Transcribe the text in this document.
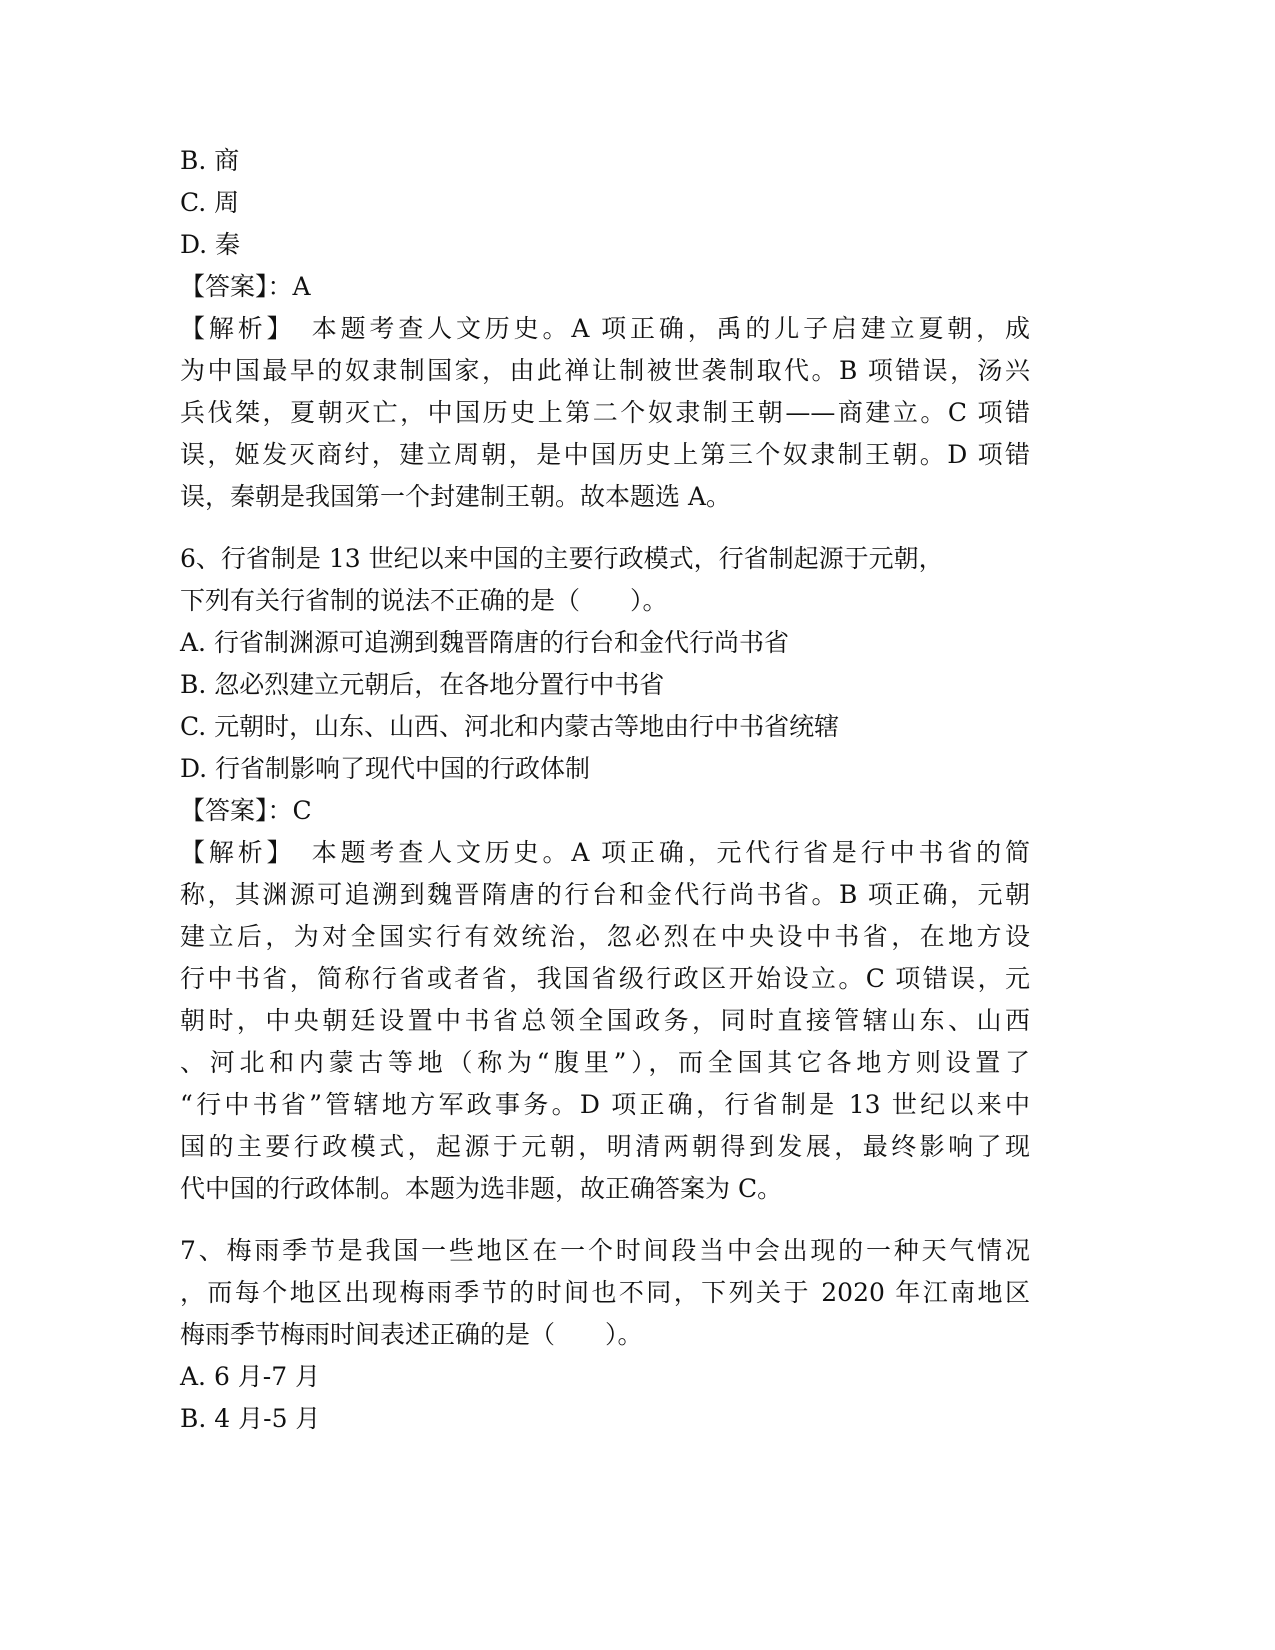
B. 商
C. 周
D. 秦
【答案】：A
【解析】　本题考查人文历史。A 项正确，禹的儿子启建立夏朝，成
为中国最早的奴隶制国家，由此禅让制被世袭制取代。B 项错误，汤兴
兵伐桀，夏朝灭亡，中国历史上第二个奴隶制王朝——商建立。C 项错
误，姬发灭商纣，建立周朝，是中国历史上第三个奴隶制王朝。D 项错
误，秦朝是我国第一个封建制王朝。故本题选 A。
6、行省制是 13 世纪以来中国的主要行政模式，行省制起源于元朝，
下列有关行省制的说法不正确的是（　　）。
A. 行省制渊源可追溯到魏晋隋唐的行台和金代行尚书省
B. 忽必烈建立元朝后，在各地分置行中书省
C. 元朝时，山东、山西、河北和内蒙古等地由行中书省统辖
D. 行省制影响了现代中国的行政体制
【答案】：C
【解析】　本题考查人文历史。A 项正确，元代行省是行中书省的简
称，其渊源可追溯到魏晋隋唐的行台和金代行尚书省。B 项正确，元朝
建立后，为对全国实行有效统治，忽必烈在中央设中书省，在地方设
行中书省，简称行省或者省，我国省级行政区开始设立。C 项错误，元
朝时，中央朝廷设置中书省总领全国政务，同时直接管辖山东、山西
、河北和内蒙古等地（称为“腹里”），而全国其它各地方则设置了
“行中书省”管辖地方军政事务。D 项正确，行省制是 13 世纪以来中
国的主要行政模式，起源于元朝，明清两朝得到发展，最终影响了现
代中国的行政体制。本题为选非题，故正确答案为 C。
7、梅雨季节是我国一些地区在一个时间段当中会出现的一种天气情况
，而每个地区出现梅雨季节的时间也不同，下列关于 2020 年江南地区
梅雨季节梅雨时间表述正确的是（　　）。
A. 6 月-7 月
B. 4 月-5 月
